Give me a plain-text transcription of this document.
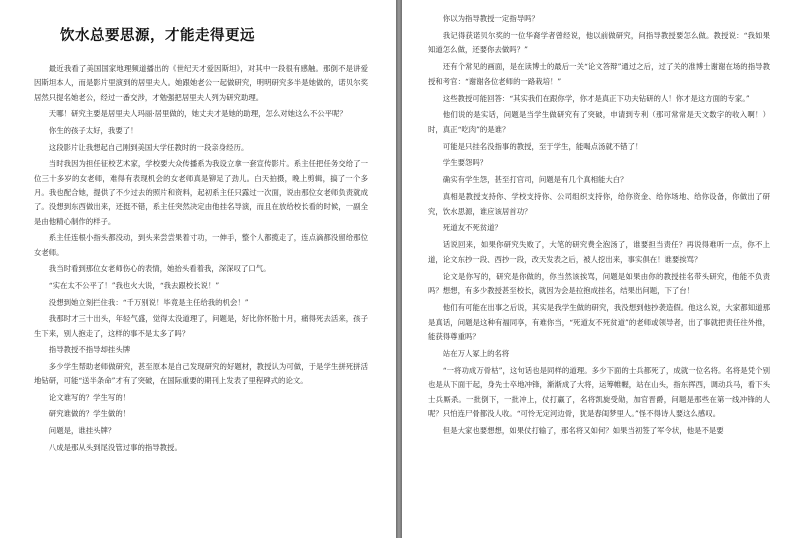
饮水总要思源，才能走得更远

最近我看了美国国家地理频道播出的《世纪天才爱因斯坦》，对其中一段很有感触。那倒不是讲爱因斯坦本人，而是影片里演到的居里夫人。她跟她老公一起做研究，明明研究多半是她做的，诺贝尔奖居然只提名她老公，经过一番交涉，才勉强把居里夫人列为研究助理。

天哪！研究主要是居里夫人玛丽·居里做的，她丈夫才是她的助理，怎么对她这么不公平呢？

你生的孩子太好，我要了！

这段影片让我想起自己刚到美国大学任教时的一段亲身经历。

当时我因为担任征校艺术家，学校要大众传播系为我设立拿一套宣传影片。系主任把任务交给了一位三十多岁的女老师，难得有表现机会的女老师真是铆足了劲儿。白天拍摄，晚上剪辑，搞了一个多月。我也配合她，提供了不少过去的照片和资料，起初系主任只露过一次面，说由那位女老师负责就成了。没想到东西做出来，还挺不错，系主任突然决定由他挂名导演，而且在放给校长看的时候，一副全是由他精心制作的样子。

系主任连根小指头都没动，到头来尝尝果着寸功，一伸手，整个人都揽走了，连点滴都没留给那位女老师。

我当时看到那位女老师伤心的表情，她抬头看着我，深深叹了口气。

“实在太不公平了！”我也火大说，“我去跟校长说！”

没想到她立刻拦住我：“千万别说！毕竟是主任给我的机会！”

我那时才三十出头，年轻气盛，觉得太没道理了，问题是，好比你怀胎十月，痛得死去活来，孩子生下来，别人抱走了，这样的事不是太多了吗？

指导教授不指导却挂头牌

多少学生帮助老师做研究，甚至原本是自己发现研究的好题材，教授认为可做，于是学生拼死拼活地钻研，可能“送半条命”才有了突破，在国际重要的期刊上发表了里程碑式的论文。

论文谁写的？学生写的！

研究谁做的？学生做的！

问题是，谁挂头牌？

八成是那从头到尾没管过事的指导教授。

你以为指导教授一定指导吗？

我记得获诺贝尔奖的一位华裔学者曾经说，他以前做研究，问指导教授要怎么做。教授说：“我如果知道怎么做，还要你去做吗？”

还有个常见的画面，是在读博士的最后一关“论文答辩”通过之后，过了关的准博士谢谢在场的指导教授和考官：“谢谢各位老师的一路栽培！”

这些教授可能回答：“其实我们在跟你学，你才是真正下功夫钻研的人！你才是这方面的专家。”

他们说的是实话，问题是当学生做研究有了突破，申请到专利（那可常常是天文数字的收入啊！）时，真正“吃肉”的是谁？

可能是只挂名没指事的教授，至于学生，能喝点汤就不错了！

学生要怨吗？

确实有学生怨，甚至打官司，问题是有几个真相能大白？

真相是教授支持你、学校支持你、公司组织支持你，给你资金、给你场地、给你设备，你做出了研究，饮水思源，谁应该居首功？

死道友不死贫道？

话说回来，如果你研究失败了，大笔的研究费全泡汤了，谁要担当责任？再说得难听一点，你不上道，论文东抄一段、西抄一段，改天发表之后，被人挖出来，事实俱在！谁要挨骂？

论文是你写的，研究是你做的，你当然该挨骂，问题是如果由你的教授挂名带头研究，他能不负责吗？想想，有多少教授甚至校长，就因为会是拉抱成挂名，结果出问题，下了台！

他们有可能在出事之后说，其实是我学生做的研究，我没想到他抄袭造假。他这么说，大家都知道那是真话，问题是这种有福同享，有难你当，“死道友不死贫道”的老师或领导者，出了事就把责任往外推，能获得尊重吗？

站在万人冢上的名将

“一将功成万骨枯”，这句话也是同样的道理。多少下面的士兵都死了，成就一位名将。名将是凭个别也是从下面干起，身先士卒地冲锋，渐渐成了大将，运筹帷幄，站在山头，指东挥西，调动兵马，看下头士兵厮杀。一批倒下，一批冲上，仗打赢了，名将凯旋受勋，加官晋爵，问题是那些在第一线冲锋的人呢？只怕连尸骨都没人收。“可怜无定河边骨，犹是春闺梦里人。”怪不得诗人要这么感叹。

但是大家也要想想，如果仗打输了，那名将又如何？如果当初签了军令状，他是不是要
